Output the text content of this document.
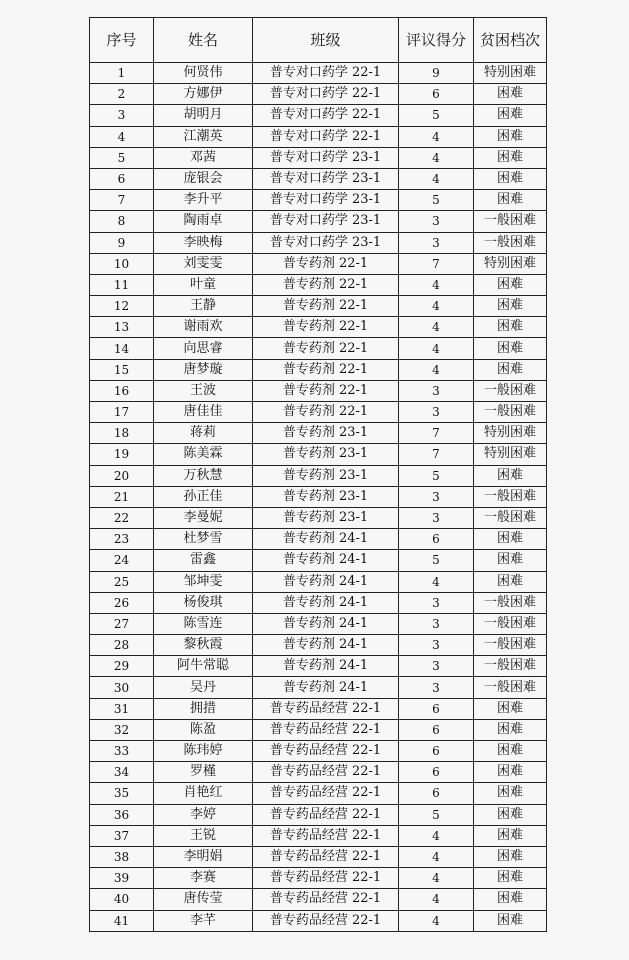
序号	姓名	班级	评议得分	贫困档次
1	何贤伟	普专对口药学 22-1	9	特别困难
2	方娜伊	普专对口药学 22-1	6	困难
3	胡明月	普专对口药学 22-1	5	困难
4	江潮英	普专对口药学 22-1	4	困难
5	邓茜	普专对口药学 23-1	4	困难
6	庞银会	普专对口药学 23-1	4	困难
7	李升平	普专对口药学 23-1	5	困难
8	陶雨卓	普专对口药学 23-1	3	一般困难
9	李映梅	普专对口药学 23-1	3	一般困难
10	刘雯雯	普专药剂 22-1	7	特别困难
11	叶童	普专药剂 22-1	4	困难
12	王静	普专药剂 22-1	4	困难
13	谢雨欢	普专药剂 22-1	4	困难
14	向思睿	普专药剂 22-1	4	困难
15	唐梦璇	普专药剂 22-1	4	困难
16	王波	普专药剂 22-1	3	一般困难
17	唐佳佳	普专药剂 22-1	3	一般困难
18	蒋莉	普专药剂 23-1	7	特别困难
19	陈美霖	普专药剂 23-1	7	特别困难
20	万秋慧	普专药剂 23-1	5	困难
21	孙正佳	普专药剂 23-1	3	一般困难
22	李曼妮	普专药剂 23-1	3	一般困难
23	杜梦雪	普专药剂 24-1	6	困难
24	雷鑫	普专药剂 24-1	5	困难
25	邹坤雯	普专药剂 24-1	4	困难
26	杨俊琪	普专药剂 24-1	3	一般困难
27	陈雪连	普专药剂 24-1	3	一般困难
28	黎秋霞	普专药剂 24-1	3	一般困难
29	阿牛常聪	普专药剂 24-1	3	一般困难
30	吴丹	普专药剂 24-1	3	一般困难
31	拥措	普专药品经营 22-1	6	困难
32	陈盈	普专药品经营 22-1	6	困难
33	陈玮婷	普专药品经营 22-1	6	困难
34	罗槿	普专药品经营 22-1	6	困难
35	肖艳红	普专药品经营 22-1	6	困难
36	李婷	普专药品经营 22-1	5	困难
37	王锐	普专药品经营 22-1	4	困难
38	李明娟	普专药品经营 22-1	4	困难
39	李赛	普专药品经营 22-1	4	困难
40	唐传莹	普专药品经营 22-1	4	困难
41	李芊	普专药品经营 22-1	4	困难
